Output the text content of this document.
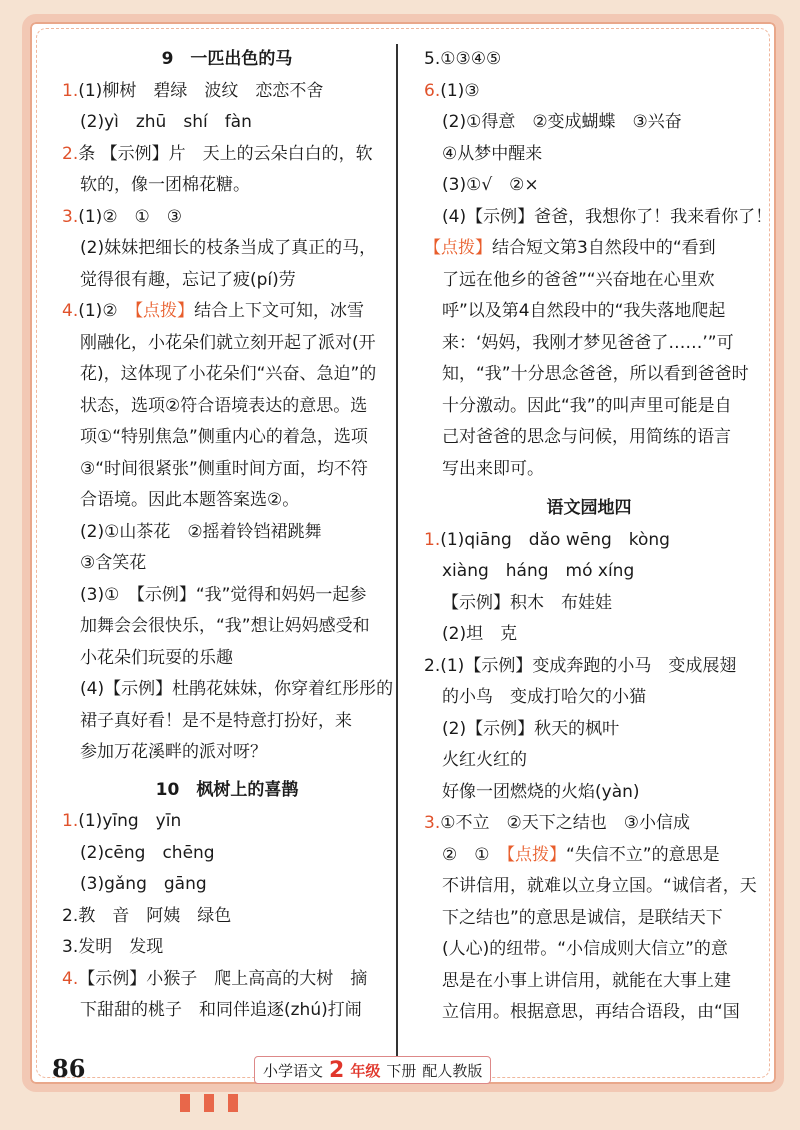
9　一匹出色的马

1.(1)柳树　碧绿　波纹　恋恋不舍

(2)yì　zhū　shí　fàn

2.条 【示例】片　天上的云朵白白的，软

软的，像一团棉花糖。

3.(1)②　①　③

(2)妹妹把细长的枝条当成了真正的马，

觉得很有趣，忘记了疲(pí)劳

4.(1)②　【点拨】结合上下文可知，冰雪

刚融化，小花朵们就立刻开起了派对(开

花)，这体现了小花朵们“兴奋、急迫”的

状态，选项②符合语境表达的意思。选

项①“特别焦急”侧重内心的着急，选项

③“时间很紧张”侧重时间方面，均不符

合语境。因此本题答案选②。

(2)①山茶花　②摇着铃铛裙跳舞

③含笑花

(3)①　【示例】“我”觉得和妈妈一起参

加舞会会很快乐，“我”想让妈妈感受和

小花朵们玩耍的乐趣

(4)【示例】杜鹃花妹妹，你穿着红彤彤的

裙子真好看！是不是特意打扮好，来

参加万花溪畔的派对呀？

10　枫树上的喜鹊

1.(1)yīng　yīn

(2)cēng　chēng

(3)gǎng　gāng

2.教　音　阿姨　绿色

3.发明　发现

4.【示例】小猴子　爬上高高的大树　摘

下甜甜的桃子　和同伴追逐(zhú)打闹

5.①③④⑤

6.(1)③

(2)①得意　②变成蝴蝶　③兴奋

④从梦中醒来

(3)①√　②×

(4)【示例】爸爸，我想你了！我来看你了！

【点拨】结合短文第3自然段中的“看到

了远在他乡的爸爸”“兴奋地在心里欢

呼”以及第4自然段中的“我失落地爬起

来：‘妈妈，我刚才梦见爸爸了……’”可

知，“我”十分思念爸爸，所以看到爸爸时

十分激动。因此“我”的叫声里可能是自

己对爸爸的思念与问候，用简练的语言

写出来即可。

语文园地四

1.(1)qiāng　dǎo wēng　kòng

xiàng　háng　mó xíng

【示例】积木　布娃娃

(2)坦　克

2.(1)【示例】变成奔跑的小马　变成展翅

的小鸟　变成打哈欠的小猫

(2)【示例】秋天的枫叶

火红火红的

好像一团燃烧的火焰(yàn)

3.①不立　②天下之结也　③小信成

②　①　【点拨】“失信不立”的意思是

不讲信用，就难以立身立国。“诚信者，天

下之结也”的意思是诚信，是联结天下

(人心)的纽带。“小信成则大信立”的意

思是在小事上讲信用，就能在大事上建

立信用。根据意思，再结合语段，由“国

86	小学语文 2 年级 下册 配人教版
